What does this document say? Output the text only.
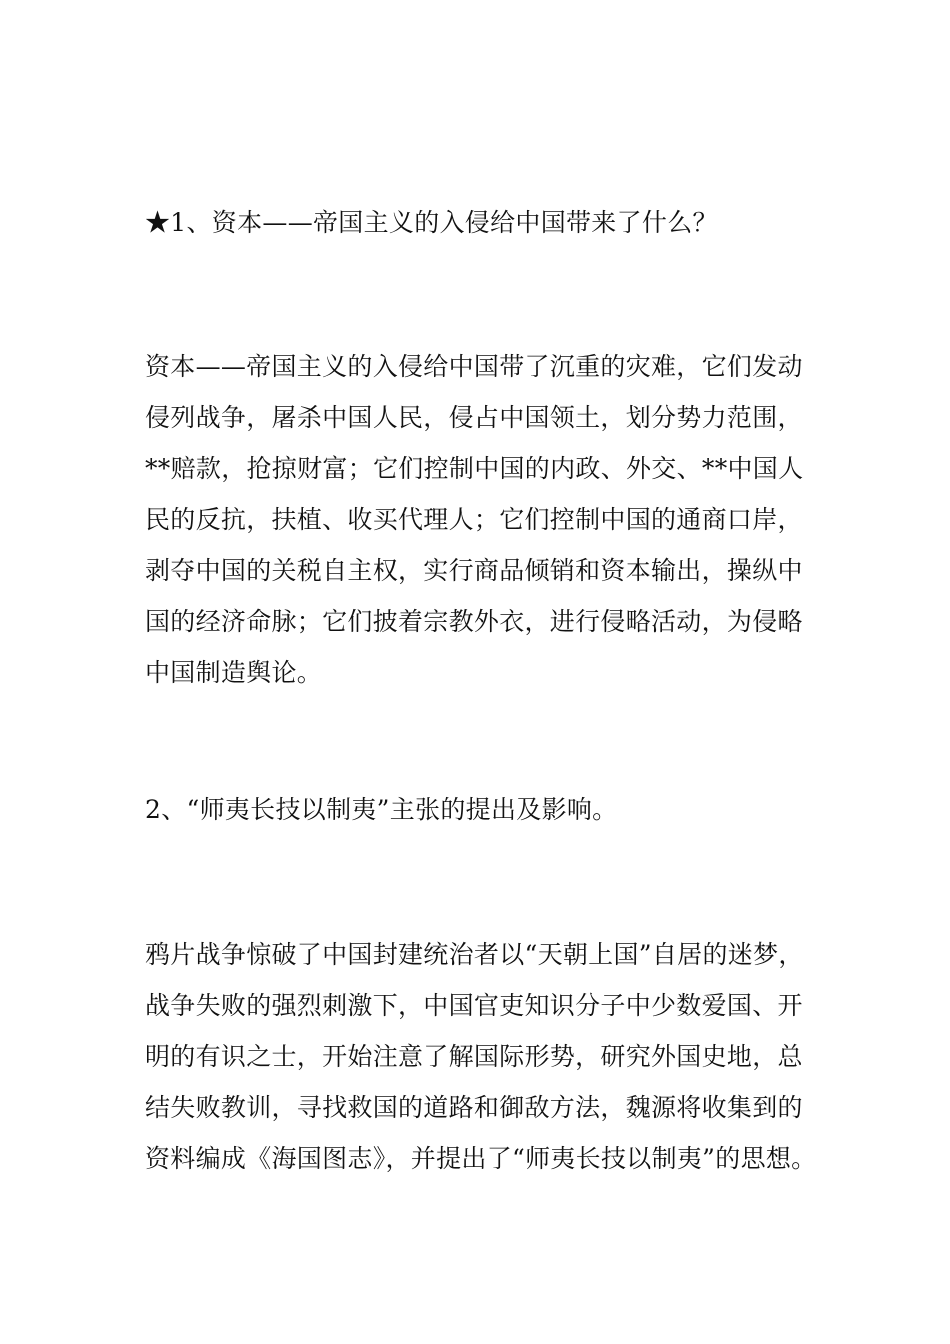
★1、资本——帝国主义的入侵给中国带来了什么？

资本——帝国主义的入侵给中国带了沉重的灾难，它们发动侵列战争，屠杀中国人民，侵占中国领土，划分势力范围，**赔款，抢掠财富；它们控制中国的内政、外交、**中国人民的反抗，扶植、收买代理人；它们控制中国的通商口岸，剥夺中国的关税自主权，实行商品倾销和资本输出，操纵中国的经济命脉；它们披着宗教外衣，进行侵略活动，为侵略中国制造舆论。

2、“师夷长技以制夷”主张的提出及影响。

鸦片战争惊破了中国封建统治者以“天朝上国”自居的迷梦，战争失败的强烈刺激下，中国官吏知识分子中少数爱国、开明的有识之士，开始注意了解国际形势，研究外国史地，总结失败教训，寻找救国的道路和御敌方法，魏源将收集到的资料编成《海国图志》，并提出了“师夷长技以制夷”的思想。
